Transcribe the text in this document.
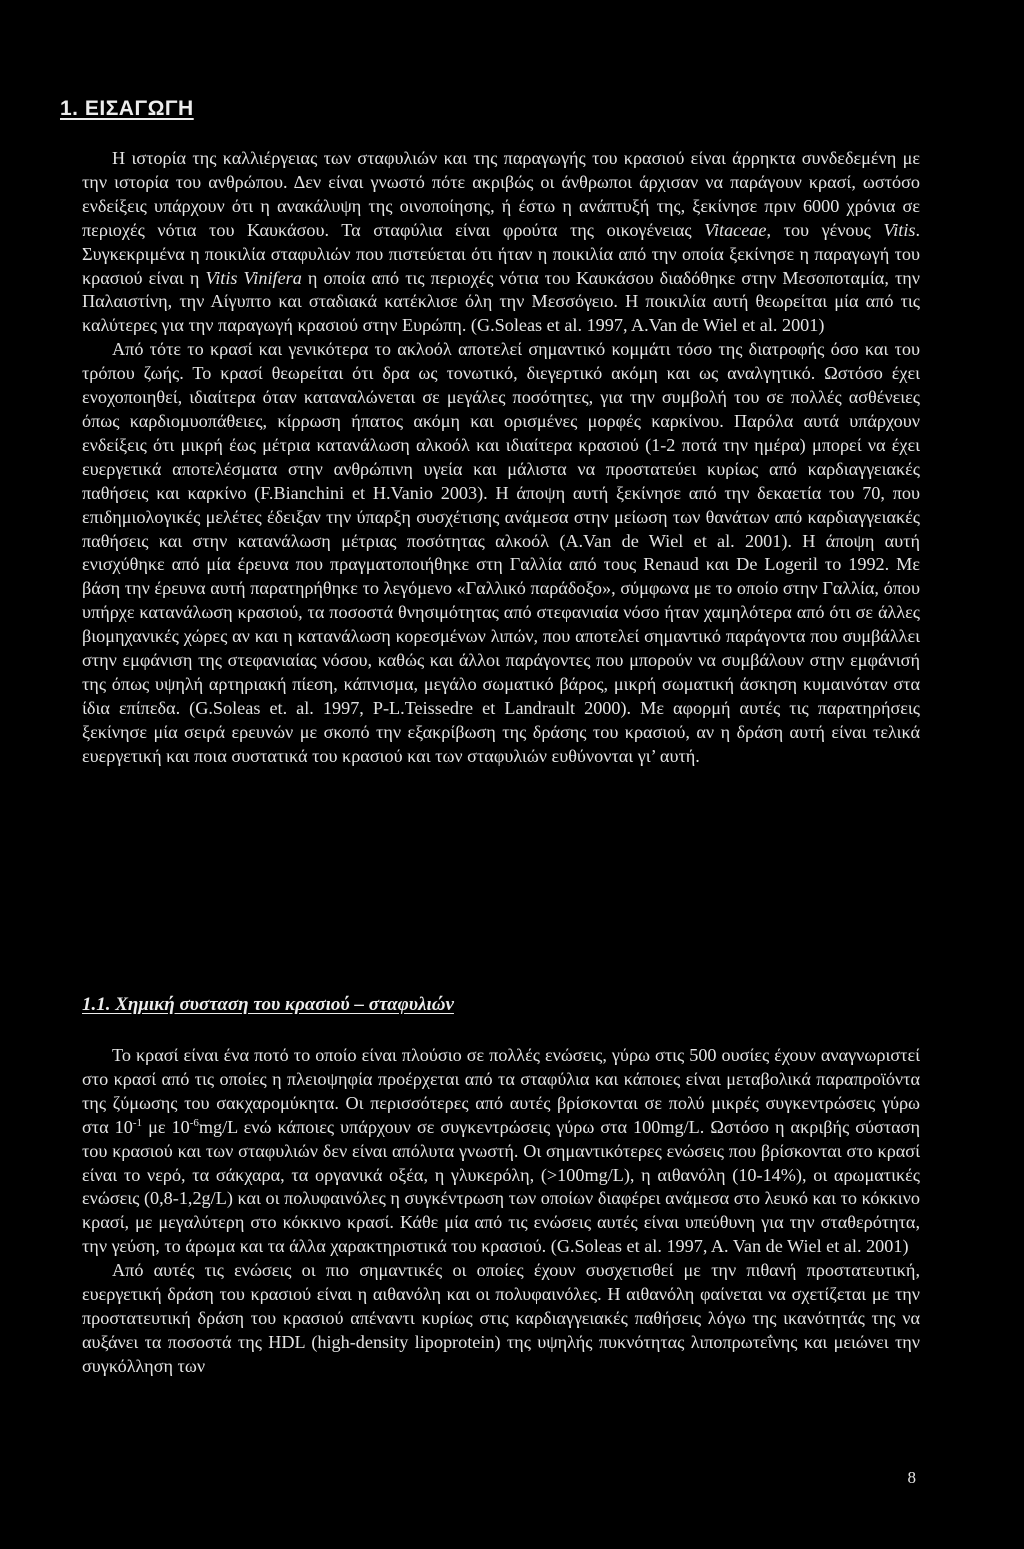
1. ΕΙΣΑΓΩΓΗ

Η ιστορία της καλλιέργειας των σταφυλιών και της παραγωγής του κρασιού είναι άρρηκτα συνδεδεμένη με την ιστορία του ανθρώπου. Δεν είναι γνωστό πότε ακριβώς οι άνθρωποι άρχισαν να παράγουν κρασί, ωστόσο ενδείξεις υπάρχουν ότι η ανακάλυψη της οινοποίησης, ή έστω η ανάπτυξή της, ξεκίνησε πριν 6000 χρόνια σε περιοχές νότια του Καυκάσου. Τα σταφύλια είναι φρούτα της οικογένειας Vitaceae, του γένους Vitis. Συγκεκριμένα η ποικιλία σταφυλιών που πιστεύεται ότι ήταν η ποικιλία από την οποία ξεκίνησε η παραγωγή του κρασιού είναι η Vitis Vinifera η οποία από τις περιοχές νότια του Καυκάσου διαδόθηκε στην Μεσοποταμία, την Παλαιστίνη, την Αίγυπτο και σταδιακά κατέκλισε όλη την Μεσσόγειο. Η ποικιλία αυτή θεωρείται μία από τις καλύτερες για την παραγωγή κρασιού στην Ευρώπη. (G.Soleas et al. 1997, A.Van de Wiel et al. 2001)

Από τότε το κρασί και γενικότερα το ακλοόλ αποτελεί σημαντικό κομμάτι τόσο της διατροφής όσο και του τρόπου ζωής. Το κρασί θεωρείται ότι δρα ως τονωτικό, διεγερτικό ακόμη και ως αναλγητικό. Ωστόσο έχει ενοχοποιηθεί, ιδιαίτερα όταν καταναλώνεται σε μεγάλες ποσότητες, για την συμβολή του σε πολλές ασθένειες όπως καρδιομυοπάθειες, κίρρωση ήπατος ακόμη και ορισμένες μορφές καρκίνου. Παρόλα αυτά υπάρχουν ενδείξεις ότι μικρή έως μέτρια κατανάλωση αλκοόλ και ιδιαίτερα κρασιού (1-2 ποτά την ημέρα) μπορεί να έχει ευεργετικά αποτελέσματα στην ανθρώπινη υγεία και μάλιστα να προστατεύει κυρίως από καρδιαγγειακές παθήσεις και καρκίνο (F.Bianchini et H.Vanio 2003). Η άποψη αυτή ξεκίνησε από την δεκαετία του 70, που επιδημιολογικές μελέτες έδειξαν την ύπαρξη συσχέτισης ανάμεσα στην μείωση των θανάτων από καρδιαγγειακές παθήσεις και στην κατανάλωση μέτριας ποσότητας αλκοόλ (A.Van de Wiel et al. 2001). Η άποψη αυτή ενισχύθηκε από μία έρευνα που πραγματοποιήθηκε στη Γαλλία από τους Renaud και De Logeril το 1992. Με βάση την έρευνα αυτή παρατηρήθηκε το λεγόμενο «Γαλλικό παράδοξο», σύμφωνα με το οποίο στην Γαλλία, όπου υπήρχε κατανάλωση κρασιού, τα ποσοστά θνησιμότητας από στεφανιαία νόσο ήταν χαμηλότερα από ότι σε άλλες βιομηχανικές χώρες αν και η κατανάλωση κορεσμένων λιπών, που αποτελεί σημαντικό παράγοντα που συμβάλλει στην εμφάνιση της στεφανιαίας νόσου, καθώς και άλλοι παράγοντες που μπορούν να συμβάλουν στην εμφάνισή της όπως υψηλή αρτηριακή πίεση, κάπνισμα, μεγάλο σωματικό βάρος, μικρή σωματική άσκηση κυμαινόταν στα ίδια επίπεδα. (G.Soleas et. al. 1997, P-L.Teissedre et Landrault 2000). Με αφορμή αυτές τις παρατηρήσεις ξεκίνησε μία σειρά ερευνών με σκοπό την εξακρίβωση της δράσης του κρασιού, αν η δράση αυτή είναι τελικά ευεργετική και ποια συστατικά του κρασιού και των σταφυλιών ευθύνονται γι’ αυτή.

1.1. Χημική συσταση του κρασιού – σταφυλιών

Το κρασί είναι ένα ποτό το οποίο είναι πλούσιο σε πολλές ενώσεις, γύρω στις 500 ουσίες έχουν αναγνωριστεί στο κρασί από τις οποίες η πλειοψηφία προέρχεται από τα σταφύλια και κάποιες είναι μεταβολικά παραπροϊόντα της ζύμωσης του σακχαρομύκητα. Οι περισσότερες από αυτές βρίσκονται σε πολύ μικρές συγκεντρώσεις γύρω στα $10^{-1}$ με $10^{-6}mg/L$ ενώ κάποιες υπάρχουν σε συγκεντρώσεις γύρω στα 100mg/L. Ωστόσο η ακριβής σύσταση του κρασιού και των σταφυλιών δεν είναι απόλυτα γνωστή. Οι σημαντικότερες ενώσεις που βρίσκονται στο κρασί είναι το νερό, τα σάκχαρα, τα οργανικά οξέα, η γλυκερόλη, (>100mg/L), η αιθανόλη (10-14%), οι αρωματικές ενώσεις (0,8-1,2g/L) και οι πολυφαινόλες η συγκέντρωση των οποίων διαφέρει ανάμεσα στο λευκό και το κόκκινο κρασί, με μεγαλύτερη στο κόκκινο κρασί. Κάθε μία από τις ενώσεις αυτές είναι υπεύθυνη για την σταθερότητα, την γεύση, το άρωμα και τα άλλα χαρακτηριστικά του κρασιού. (G.Soleas et al. 1997, A. Van de Wiel et al. 2001)

Από αυτές τις ενώσεις οι πιο σημαντικές οι οποίες έχουν συσχετισθεί με την πιθανή προστατευτική, ευεργετική δράση του κρασιού είναι η αιθανόλη και οι πολυφαινόλες. Η αιθανόλη φαίνεται να σχετίζεται με την προστατευτική δράση του κρασιού απέναντι κυρίως στις καρδιαγγειακές παθήσεις λόγω της ικανότητάς της να αυξάνει τα ποσοστά της HDL (high-density lipoprotein) της υψηλής πυκνότητας λιποπρωτεΐνης και μειώνει την συγκόλληση των

8
